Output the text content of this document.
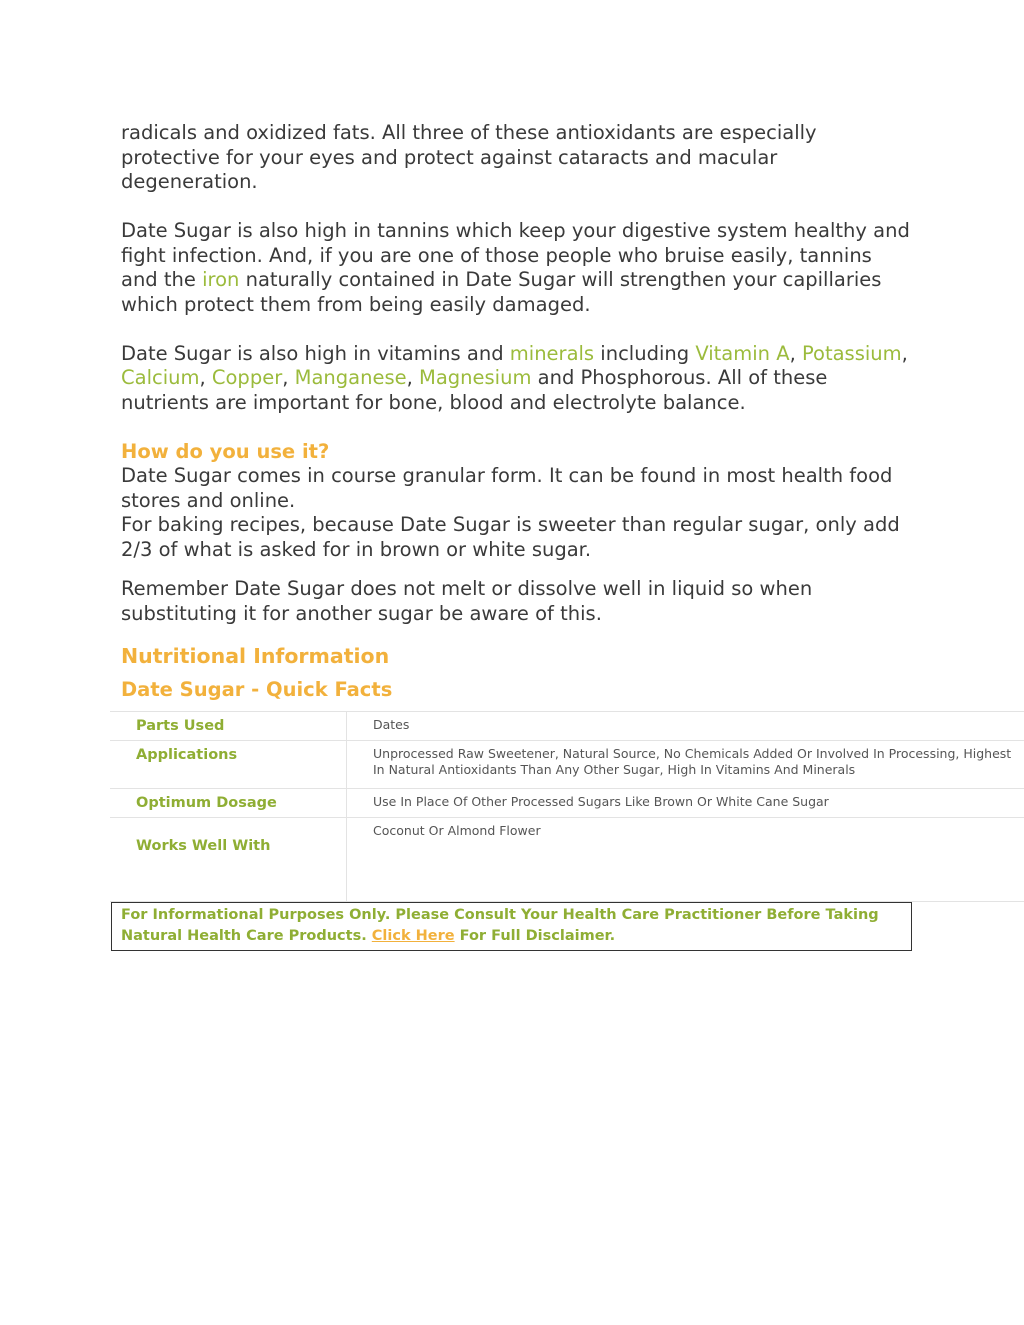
radicals and oxidized fats. All three of these antioxidants are especially protective for your eyes and protect against cataracts and macular degeneration.

Date Sugar is also high in tannins which keep your digestive system healthy and fight infection. And, if you are one of those people who bruise easily, tannins and the iron naturally contained in Date Sugar will strengthen your capillaries which protect them from being easily damaged.

Date Sugar is also high in vitamins and minerals including Vitamin A, Potassium, Calcium, Copper, Manganese, Magnesium and Phosphorous. All of these nutrients are important for bone, blood and electrolyte balance.

How do you use it?

Date Sugar comes in course granular form. It can be found in most health food stores and online.

For baking recipes, because Date Sugar is sweeter than regular sugar, only add 2/3 of what is asked for in brown or white sugar.

Remember Date Sugar does not melt or dissolve well in liquid so when substituting it for another sugar be aware of this.

Nutritional Information
Date Sugar - Quick Facts
Parts Used	Dates
Applications	Unprocessed Raw Sweetener, Natural Source, No Chemicals Added Or Involved In Processing, Highest In Natural Antioxidants Than Any Other Sugar, High In Vitamins And Minerals
Optimum Dosage	Use In Place Of Other Processed Sugars Like Brown Or White Cane Sugar
Works Well With	Coconut Or Almond Flower
For Informational Purposes Only. Please Consult Your Health Care Practitioner Before Taking Natural Health Care Products. Click Here For Full Disclaimer.
